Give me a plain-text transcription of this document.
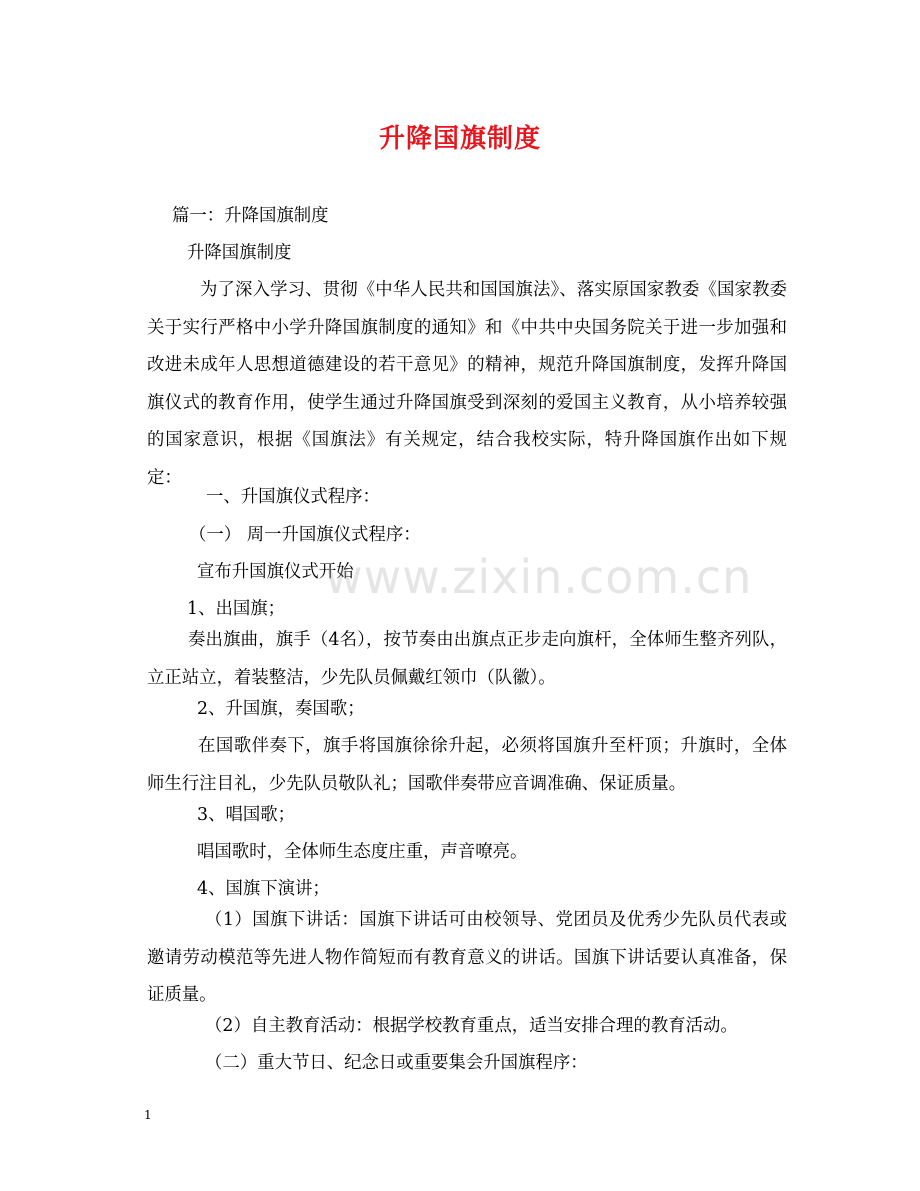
升降国旗制度
篇一：升降国旗制度
升降国旗制度
为了深入学习、贯彻《中华人民共和国国旗法》、落实原国家教委《国家教委关于实行严格中小学升降国旗制度的通知》和《中共中央国务院关于进一步加强和改进未成年人思想道德建设的若干意见》的精神，规范升降国旗制度，发挥升降国旗仪式的教育作用，使学生通过升降国旗受到深刻的爱国主义教育，从小培养较强的国家意识，根据《国旗法》有关规定，结合我校实际，特升降国旗作出如下规定：
一、升国旗仪式程序：
（一） 周一升国旗仪式程序：
宣布升国旗仪式开始
1、出国旗；
奏出旗曲，旗手（4名），按节奏由出旗点正步走向旗杆，全体师生整齐列队，立正站立，着装整洁，少先队员佩戴红领巾（队徽）。
2、升国旗，奏国歌；
在国歌伴奏下，旗手将国旗徐徐升起，必须将国旗升至杆顶；升旗时，全体师生行注目礼，少先队员敬队礼；国歌伴奏带应音调准确、保证质量。
3、唱国歌；
唱国歌时，全体师生态度庄重，声音嘹亮。
4、国旗下演讲；
（1）国旗下讲话：国旗下讲话可由校领导、党团员及优秀少先队员代表或邀请劳动模范等先进人物作简短而有教育意义的讲话。国旗下讲话要认真准备，保证质量。
（2）自主教育活动：根据学校教育重点，适当安排合理的教育活动。
（二）重大节日、纪念日或重要集会升国旗程序：
www.zixin.com.cn
1
